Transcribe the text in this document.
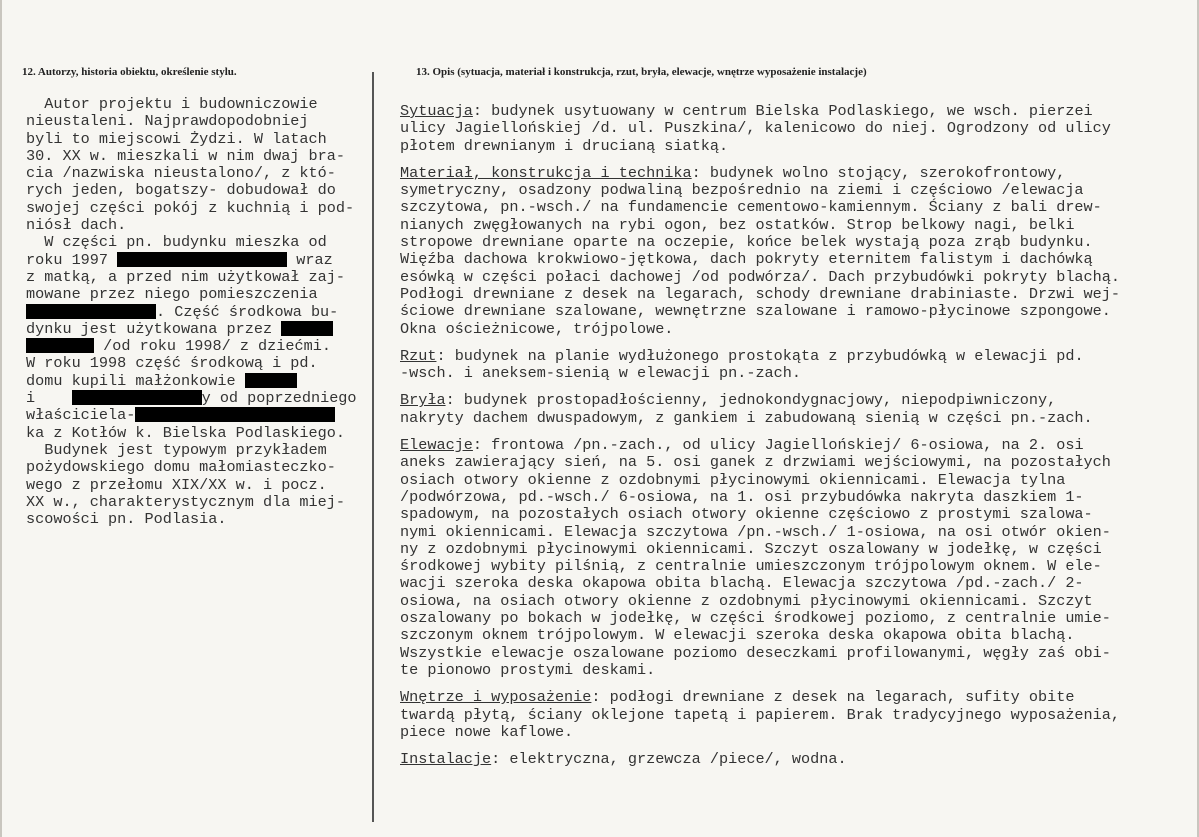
12. Autorzy, historia obiektu, określenie stylu.	13. Opis (sytuacja, materiał i konstrukcja, rzut, bryła, elewacje, wnętrze wyposażenie instalacje)
Autor projektu i budowniczowie
nieustaleni. Najprawdopodobniej
byli to miejscowi Żydzi. W latach
30. XX w. mieszkali w nim dwaj bra-
cia /nazwiska nieustalono/, z któ-
rych jeden, bogatszy- dobudował do
swojej części pokój z kuchnią i pod-
niósł dach.
W części pn. budynku mieszka od
roku 1997	wraz
z matką, a przed nim użytkował zaj-
mowane przez niego pomieszczenia
. Część środkowa bu-
dynku jest użytkowana przez
/od roku 1998/ z dziećmi.
W roku 1998 część środkową i pd.
domu kupili małżonkowie
i	y od poprzedniego
właściciela-
ka z Kotłów k. Bielska Podlaskiego.
Budynek jest typowym przykładem
pożydowskiego domu małomiasteczko-
wego z przełomu XIX/XX w. i pocz.
XX w., charakterystycznym dla miej-
scowości pn. Podlasia.
Sytuacja: budynek usytuowany w centrum Bielska Podlaskiego, we wsch. pierzei
ulicy Jagiellońskiej /d. ul. Puszkina/, kalenicowo do niej. Ogrodzony od ulicy
płotem drewnianym i drucianą siatką.
Materiał, konstrukcja i technika: budynek wolno stojący, szerokofrontowy,
symetryczny, osadzony podwaliną bezpośrednio na ziemi i częściowo /elewacja
szczytowa, pn.-wsch./ na fundamencie cementowo-kamiennym. Ściany z bali drew-
nianych zwęgłowanych na rybi ogon, bez ostatków. Strop belkowy nagi, belki
stropowe drewniane oparte na oczepie, końce belek wystają poza zrąb budynku.
Więźba dachowa krokwiowo-jętkowa, dach pokryty eternitem falistym i dachówką
esówką w części połaci dachowej /od podwórza/. Dach przybudówki pokryty blachą.
Podłogi drewniane z desek na legarach, schody drewniane drabiniaste. Drzwi wej-
ściowe drewniane szalowane, wewnętrzne szalowane i ramowo-płycinowe szpongowe.
Okna ościeżnicowe, trójpolowe.
Rzut: budynek na planie wydłużonego prostokąta z przybudówką w elewacji pd.
-wsch. i aneksem-sienią w elewacji pn.-zach.
Bryła: budynek prostopadłościenny, jednokondygnacjowy, niepodpiwniczony,
nakryty dachem dwuspadowym, z gankiem i zabudowaną sienią w części pn.-zach.
Elewacje: frontowa /pn.-zach., od ulicy Jagiellońskiej/ 6-osiowa, na 2. osi
aneks zawierający sień, na 5. osi ganek z drzwiami wejściowymi, na pozostałych
osiach otwory okienne z ozdobnymi płycinowymi okiennicami. Elewacja tylna
/podwórzowa, pd.-wsch./ 6-osiowa, na 1. osi przybudówka nakryta daszkiem 1-
spadowym, na pozostałych osiach otwory okienne częściowo z prostymi szalowa-
nymi okiennicami. Elewacja szczytowa /pn.-wsch./ 1-osiowa, na osi otwór okien-
ny z ozdobnymi płycinowymi okiennicami. Szczyt oszalowany w jodełkę, w części
środkowej wybity pilśnią, z centralnie umieszczonym trójpolowym oknem. W ele-
wacji szeroka deska okapowa obita blachą. Elewacja szczytowa /pd.-zach./ 2-
osiowa, na osiach otwory okienne z ozdobnymi płycinowymi okiennicami. Szczyt
oszalowany po bokach w jodełkę, w części środkowej poziomo, z centralnie umie-
szczonym oknem trójpolowym. W elewacji szeroka deska okapowa obita blachą.
Wszystkie elewacje oszalowane poziomo deseczkami profilowanymi, węgły zaś obi-
te pionowo prostymi deskami.
Wnętrze i wyposażenie: podłogi drewniane z desek na legarach, sufity obite
twardą płytą, ściany oklejone tapetą i papierem. Brak tradycyjnego wyposażenia,
piece nowe kaflowe.
Instalacje: elektryczna, grzewcza /piece/, wodna.
